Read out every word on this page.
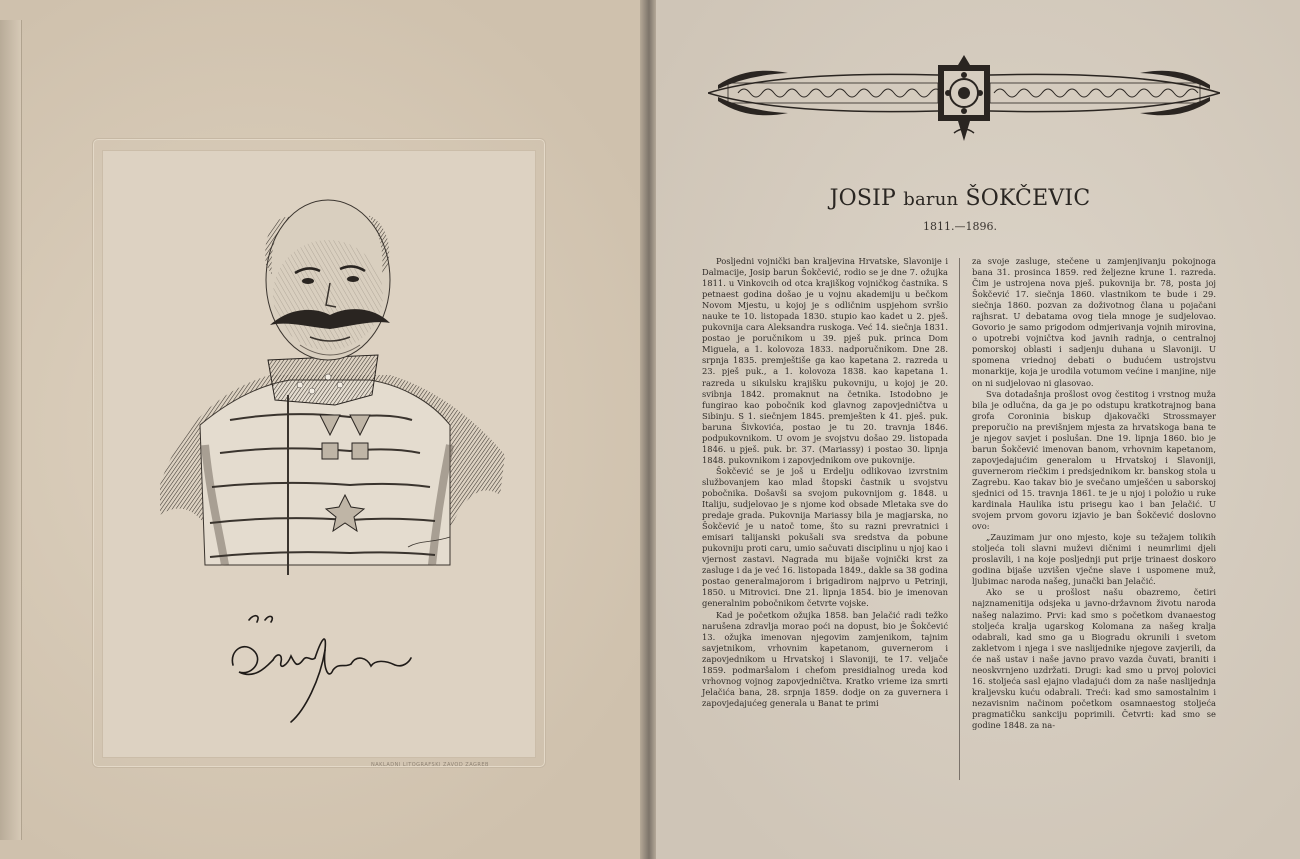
NAKLADNI LITOGRAFSKI ZAVOD ZAGREB
JOSIP barun ŠOKČEVIC
1811.—1896.

Posljedni vojnički ban kraljevina Hrvatske, Slavonije i Dalmacije, Josip barun Šokčević, rodio se je dne 7. ožujka 1811. u Vinkovcih od otca krajiškog vojničkog častnika. S petnaest godina došao je u vojnu akademiju u bečkom Novom Mjestu, u kojoj je s odličnim uspjehom svršio nauke te 10. listopada 1830. stupio kao kadet u 2. pješ. pukovnija cara Aleksandra ruskoga. Već 14. siečnja 1831. postao je poručnikom u 39. pješ puk. princa Dom Miguela, a 1. kolovoza 1833. nadporučnikom. Dne 28. srpnja 1835. premještiše ga kao kapetana 2. razreda u 23. pješ puk., a 1. kolovoza 1838. kao kapetana 1. razreda u sikulsku krajišku pukovniju, u kojoj je 20. svibnja 1842. promaknut na četnika. Istodobno je fungirao kao pobočnik kod glavnog zapovjedničtva u Sibinju. S 1. siečnjem 1845. premješten k 41. pješ. puk. baruna Šivkovića, postao je tu 20. travnja 1846. podpukovnikom. U ovom je svojstvu došao 29. listopada 1846. u pješ. puk. br. 37. (Mariassy) i postao 30. lipnja 1848. pukovnikom i zapovjednikom ove pukovnije.

Šokčević se je još u Erdelju odlikovao izvrstnim službovanjem kao mlad štopski častnik u svojstvu pobočnika. Došavši sa svojom pukovnijom g. 1848. u Italiju, sudjelovao je s njome kod obsade Mletaka sve do predaje grada. Pukovnija Mariassy bila je magjarska, no Šokčević je u natoč tome, što su razni prevratnici i emisari talijanski pokušali sva sredstva da pobune pukovniju proti caru, umio sačuvati disciplinu u njoj kao i vjernost zastavi. Nagrada mu bijaše vojnički krst za zasluge i da je već 16. listopada 1849., dakle sa 38 godina postao generalmajorom i brigadirom najprvo u Petrinji, 1850. u Mitrovici. Dne 21. lipnja 1854. bio je imenovan generalnim pobočnikom četvrte vojske.

Kad je početkom ožujka 1858. ban Jelačić radi težko narušena zdravlja morao poći na dopust, bio je Šokčević 13. ožujka imenovan njegovim zamjenikom, tajnim savjetnikom, vrhovnim kapetanom, guvernerom i zapovjednikom u Hrvatskoj i Slavoniji, te 17. veljače 1859. podmaršalom i chefom presidialnog ureda kod vrhovnog vojnog zapovjedničtva. Kratko vrieme iza smrti Jelačića bana, 28. srpnja 1859. dodje on za guvernera i zapovjedajućeg generala u Banat te primi

za svoje zasluge, stečene u zamjenjivanju pokojnoga bana 31. prosinca 1859. red željezne krune 1. razreda. Čim je ustrojena nova pješ. pukovnija br. 78, posta joj Šokčević 17. siečnja 1860. vlastnikom te bude i 29. siečnja 1860. pozvan za doživotnog člana u pojačani rajhsrat. U debatama ovog tiela mnoge je sudjelovao. Govorio je samo prigodom odmjerivanja vojnih mirovina, o upotrebi vojničtva kod javnih radnja, o centralnoj pomorskoj oblasti i sadjenju duhana u Slavoniji. U spomena vriednoj debati o budućem ustrojstvu monarkije, koja je urodila votumom većine i manjine, nije on ni sudjelovao ni glasovao.

Sva dotadašnja prošlost ovog čestitog i vrstnog muža bila je odlučna, da ga je po odstupu kratkotrajnog bana grofa Coroninia biskup djakovački Strossmayer preporučio na previšnjem mjesta za hrvatskoga bana te je njegov savjet i poslušan. Dne 19. lipnja 1860. bio je barun Šokčević imenovan banom, vrhovnim kapetanom, zapovjedajućim generalom u Hrvatskoj i Slavoniji, guvernerom riečkim i predsjednikom kr. banskog stola u Zagrebu. Kao takav bio je svečano umješćen u saborskoj sjednici od 15. travnja 1861. te je u njoj i položio u ruke kardinala Haulika istu prisegu kao i ban Jelačić. U svojem prvom govoru izjavio je ban Šokčević doslovno ovo:

„Zauzimam jur ono mjesto, koje su težajem tolikih stoljeća toli slavni muževi dičnimi i neumrlimi djeli proslavili, i na koje posljednji put prije trinaest doskoro godina bijaše uzvišen vječne slave i uspomene muž, ljubimac naroda našeg, junački ban Jelačić.

Ako se u prošlost našu obazremo, četiri najznamenitija odsjeka u javno-državnom životu naroda našeg nalazimo. Prvi: kad smo s početkom dvanaestog stoljeća kralja ugarskog Kolomana za našeg kralja odabrali, kad smo ga u Biogradu okrunili i svetom zakletvom i njega i sve naslijednike njegove zavjerili, da će naš ustav i naše javno pravo vazda čuvati, braniti i neoskvrnjeno uzdržati. Drugi: kad smo u prvoj polovici 16. stoljeća sasl ejajno vladajući dom za naše naslijednja kraljevsku kuću odabrali. Treći: kad smo samostalnim i nezavisnim načinom početkom osamnaestog stoljeća pragmatičku sankciju poprimili. Četvrti: kad smo se godine 1848. za na-
